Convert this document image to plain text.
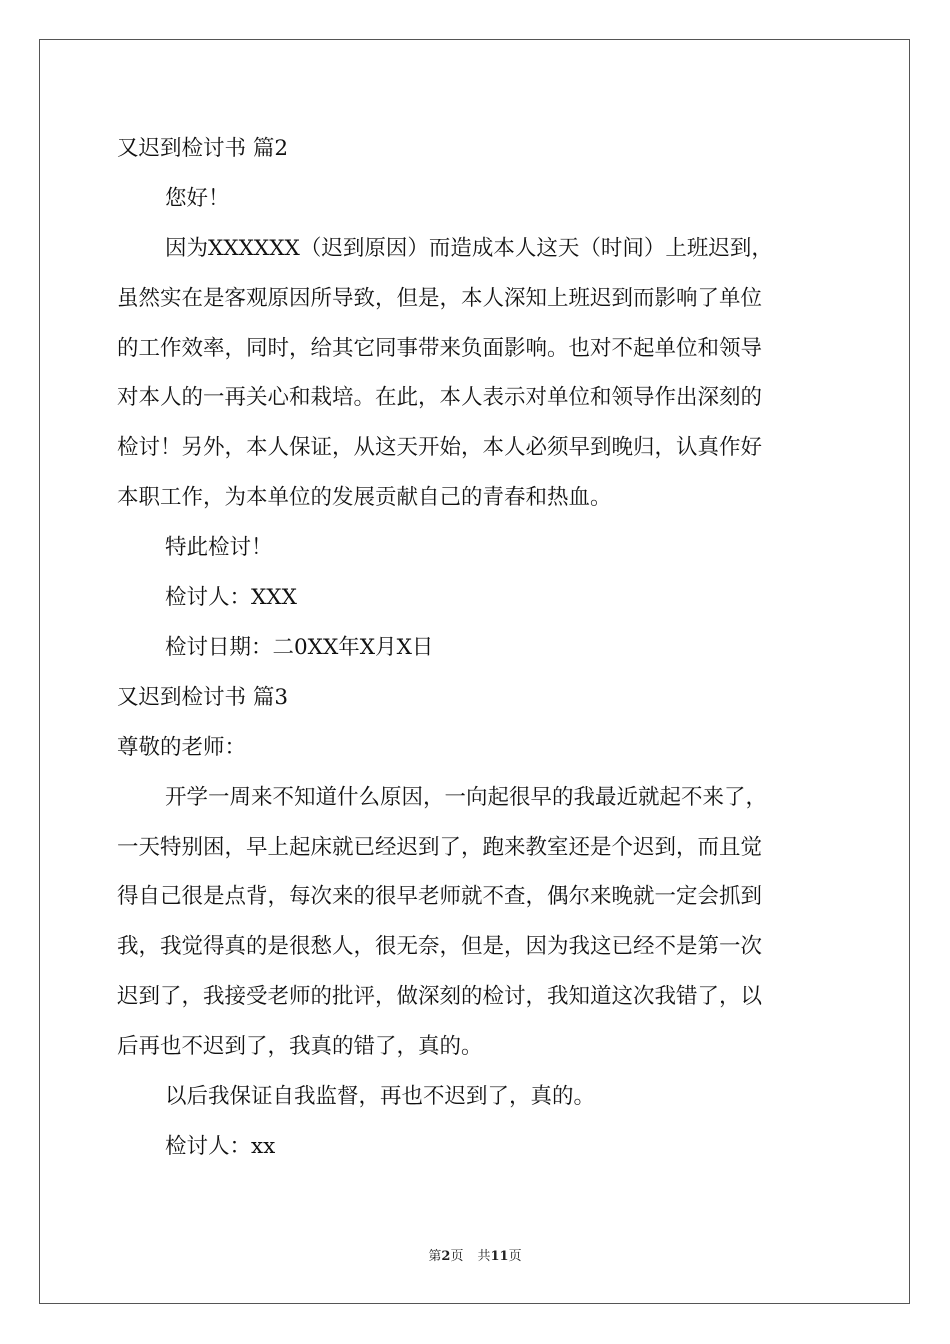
又迟到检讨书 篇2

您好！

因为XXXXXX（迟到原因）而造成本人这天（时间）上班迟到，

虽然实在是客观原因所导致，但是，本人深知上班迟到而影响了单位

的工作效率，同时，给其它同事带来负面影响。也对不起单位和领导

对本人的一再关心和栽培。在此，本人表示对单位和领导作出深刻的

检讨！另外，本人保证，从这天开始，本人必须早到晚归，认真作好

本职工作，为本单位的发展贡献自己的青春和热血。

特此检讨！

检讨人：XXX

检讨日期：二0XX年X月X日

又迟到检讨书 篇3

尊敬的老师：

开学一周来不知道什么原因，一向起很早的我最近就起不来了，

一天特别困，早上起床就已经迟到了，跑来教室还是个迟到，而且觉

得自己很是点背，每次来的很早老师就不查，偶尔来晚就一定会抓到

我，我觉得真的是很愁人，很无奈，但是，因为我这已经不是第一次

迟到了，我接受老师的批评，做深刻的检讨，我知道这次我错了，以

后再也不迟到了，我真的错了，真的。

以后我保证自我监督，再也不迟到了，真的。

检讨人：xx

第2页 共11页
